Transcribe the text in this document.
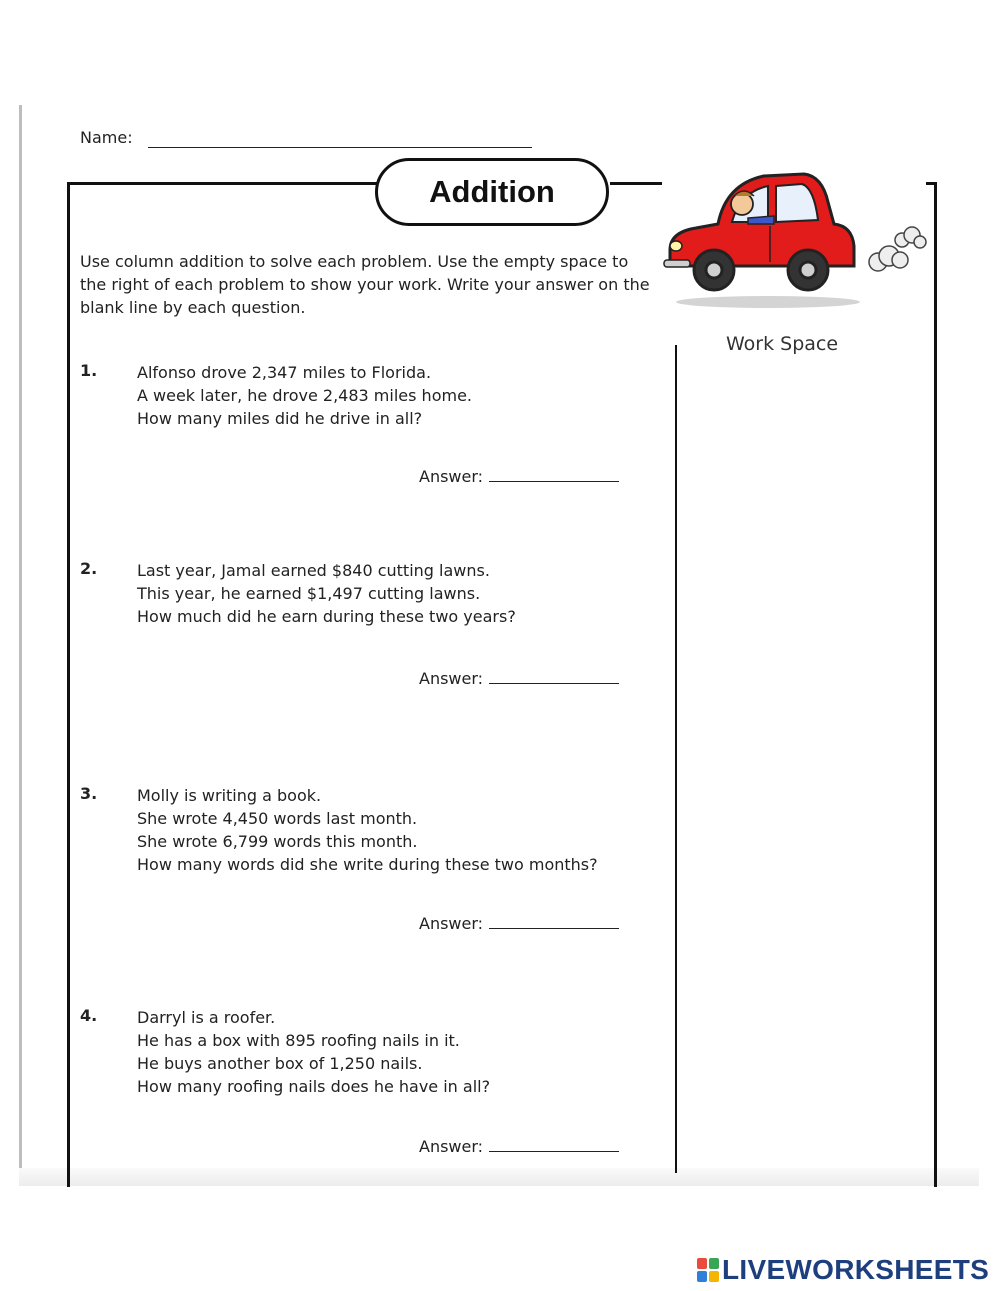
Name:
Addition
Use column addition to solve each problem. Use the empty space to the right of each problem to show your work. Write your answer on the blank line by each question.
Work Space
1. Alfonso drove 2,347 miles to Florida.
A week later, he drove 2,483 miles home.
How many miles did he drive in all?
Answer:
2. Last year, Jamal earned $840 cutting lawns.
This year, he earned $1,497 cutting lawns.
How much did he earn during these two years?
Answer:
3. Molly is writing a book.
She wrote 4,450 words last month.
She wrote 6,799 words this month.
How many words did she write during these two months?
Answer:
4. Darryl is a roofer.
He has a box with 895 roofing nails in it.
He buys another box of 1,250 nails.
How many roofing nails does he have in all?
Answer:
LIVEWORKSHEETS
